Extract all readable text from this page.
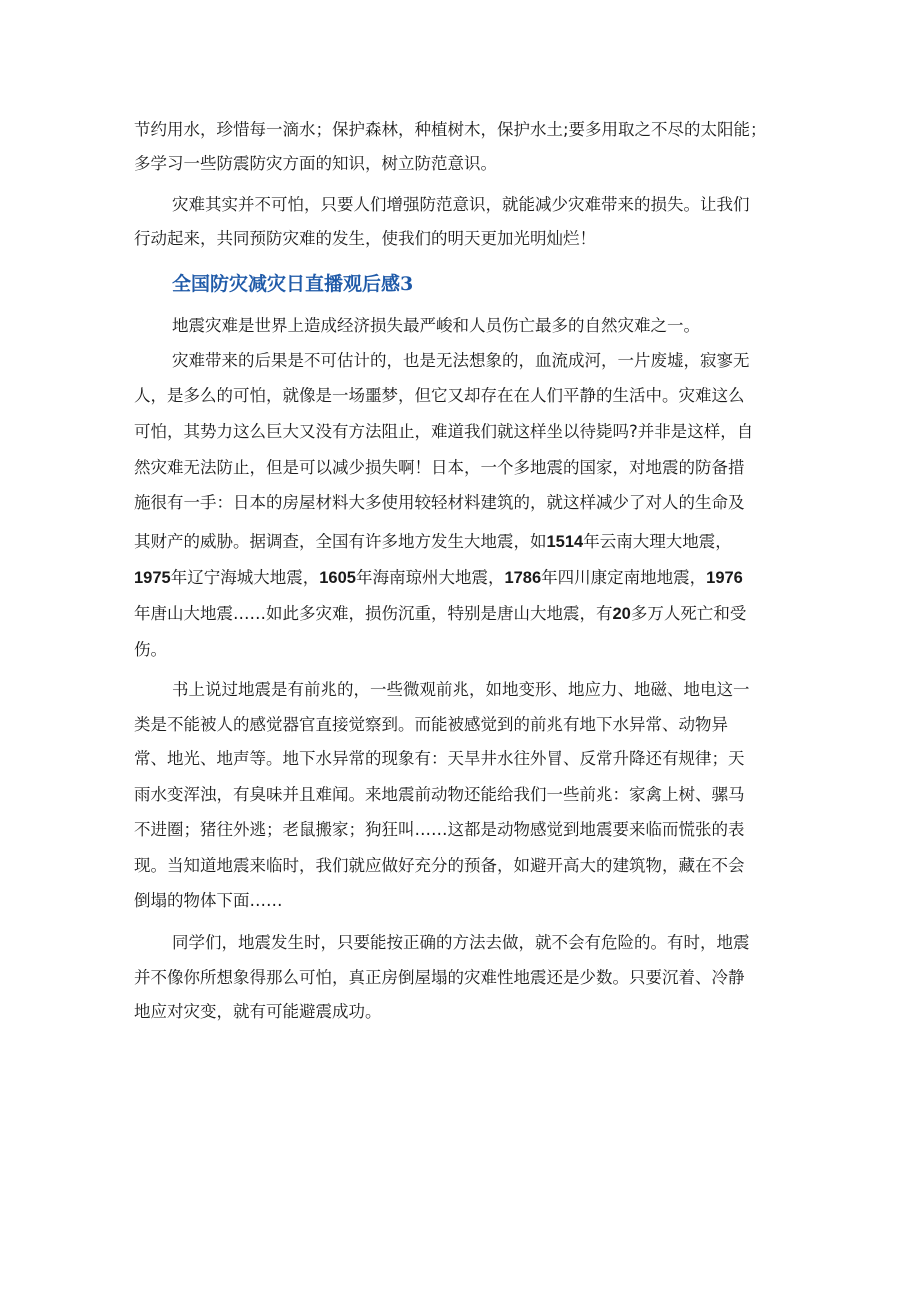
节约用水，珍惜每一滴水；保护森林，种植树木，保护水土;要多用取之不尽的太阳能；

多学习一些防震防灾方面的知识，树立防范意识。

灾难其实并不可怕，只要人们增强防范意识，就能减少灾难带来的损失。让我们

行动起来，共同预防灾难的发生，使我们的明天更加光明灿烂！

全国防灾减灾日直播观后感3

地震灾难是世界上造成经济损失最严峻和人员伤亡最多的自然灾难之一。

灾难带来的后果是不可估计的，也是无法想象的，血流成河，一片废墟，寂寥无

人，是多么的可怕，就像是一场噩梦，但它又却存在在人们平静的生活中。灾难这么

可怕，其势力这么巨大又没有方法阻止，难道我们就这样坐以待毙吗?并非是这样，自

然灾难无法防止，但是可以减少损失啊！日本，一个多地震的国家，对地震的防备措

施很有一手：日本的房屋材料大多使用较轻材料建筑的，就这样减少了对人的生命及

其财产的威胁。据调查，全国有许多地方发生大地震，如1514年云南大理大地震，

1975年辽宁海城大地震，1605年海南琼州大地震，1786年四川康定南地地震，1976

年唐山大地震……如此多灾难，损伤沉重，特别是唐山大地震，有20多万人死亡和受

伤。

书上说过地震是有前兆的，一些微观前兆，如地变形、地应力、地磁、地电这一

类是不能被人的感觉器官直接觉察到。而能被感觉到的前兆有地下水异常、动物异

常、地光、地声等。地下水异常的现象有：天旱井水往外冒、反常升降还有规律；天

雨水变浑浊，有臭味并且难闻。来地震前动物还能给我们一些前兆：家禽上树、骡马

不进圈；猪往外逃；老鼠搬家；狗狂叫……这都是动物感觉到地震要来临而慌张的表

现。当知道地震来临时，我们就应做好充分的预备，如避开高大的建筑物，藏在不会

倒塌的物体下面……

同学们，地震发生时，只要能按正确的方法去做，就不会有危险的。有时，地震

并不像你所想象得那么可怕，真正房倒屋塌的灾难性地震还是少数。只要沉着、冷静

地应对灾变，就有可能避震成功。
